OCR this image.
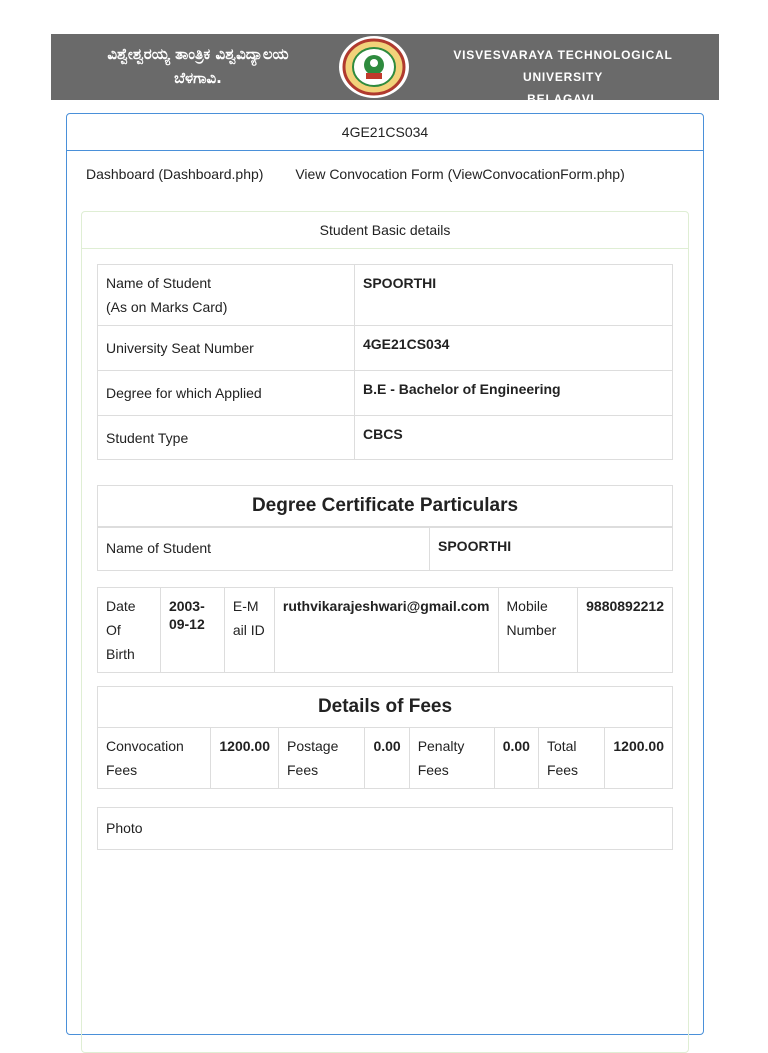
ವಿಶ್ವೇಶ್ವರಯ್ಯ ತಾಂತ್ರಿಕ ವಿಶ್ವವಿದ್ಯಾಲಯ
ಬೆಳಗಾವಿ.
VISVESVARAYA TECHNOLOGICAL UNIVERSITY
BELAGAVI.
4GE21CS034
Dashboard (Dashboard.php) View Convocation Form (ViewConvocationForm.php)
Student Basic details
Name of Student
(As on Marks Card)	SPOORTHI
University Seat Number	4GE21CS034
Degree for which Applied	B.E - Bachelor of Engineering
Student Type	CBCS
Degree Certificate Particulars
Name of Student	SPOORTHI
Date Of Birth	2003-09-12	E-Mail ID	ruthvikarajeshwari@gmail.com	Mobile Number	9880892212
Details of Fees
Convocation Fees	1200.00	Postage Fees	0.00	Penalty Fees	0.00	Total Fees	1200.00
Photo
